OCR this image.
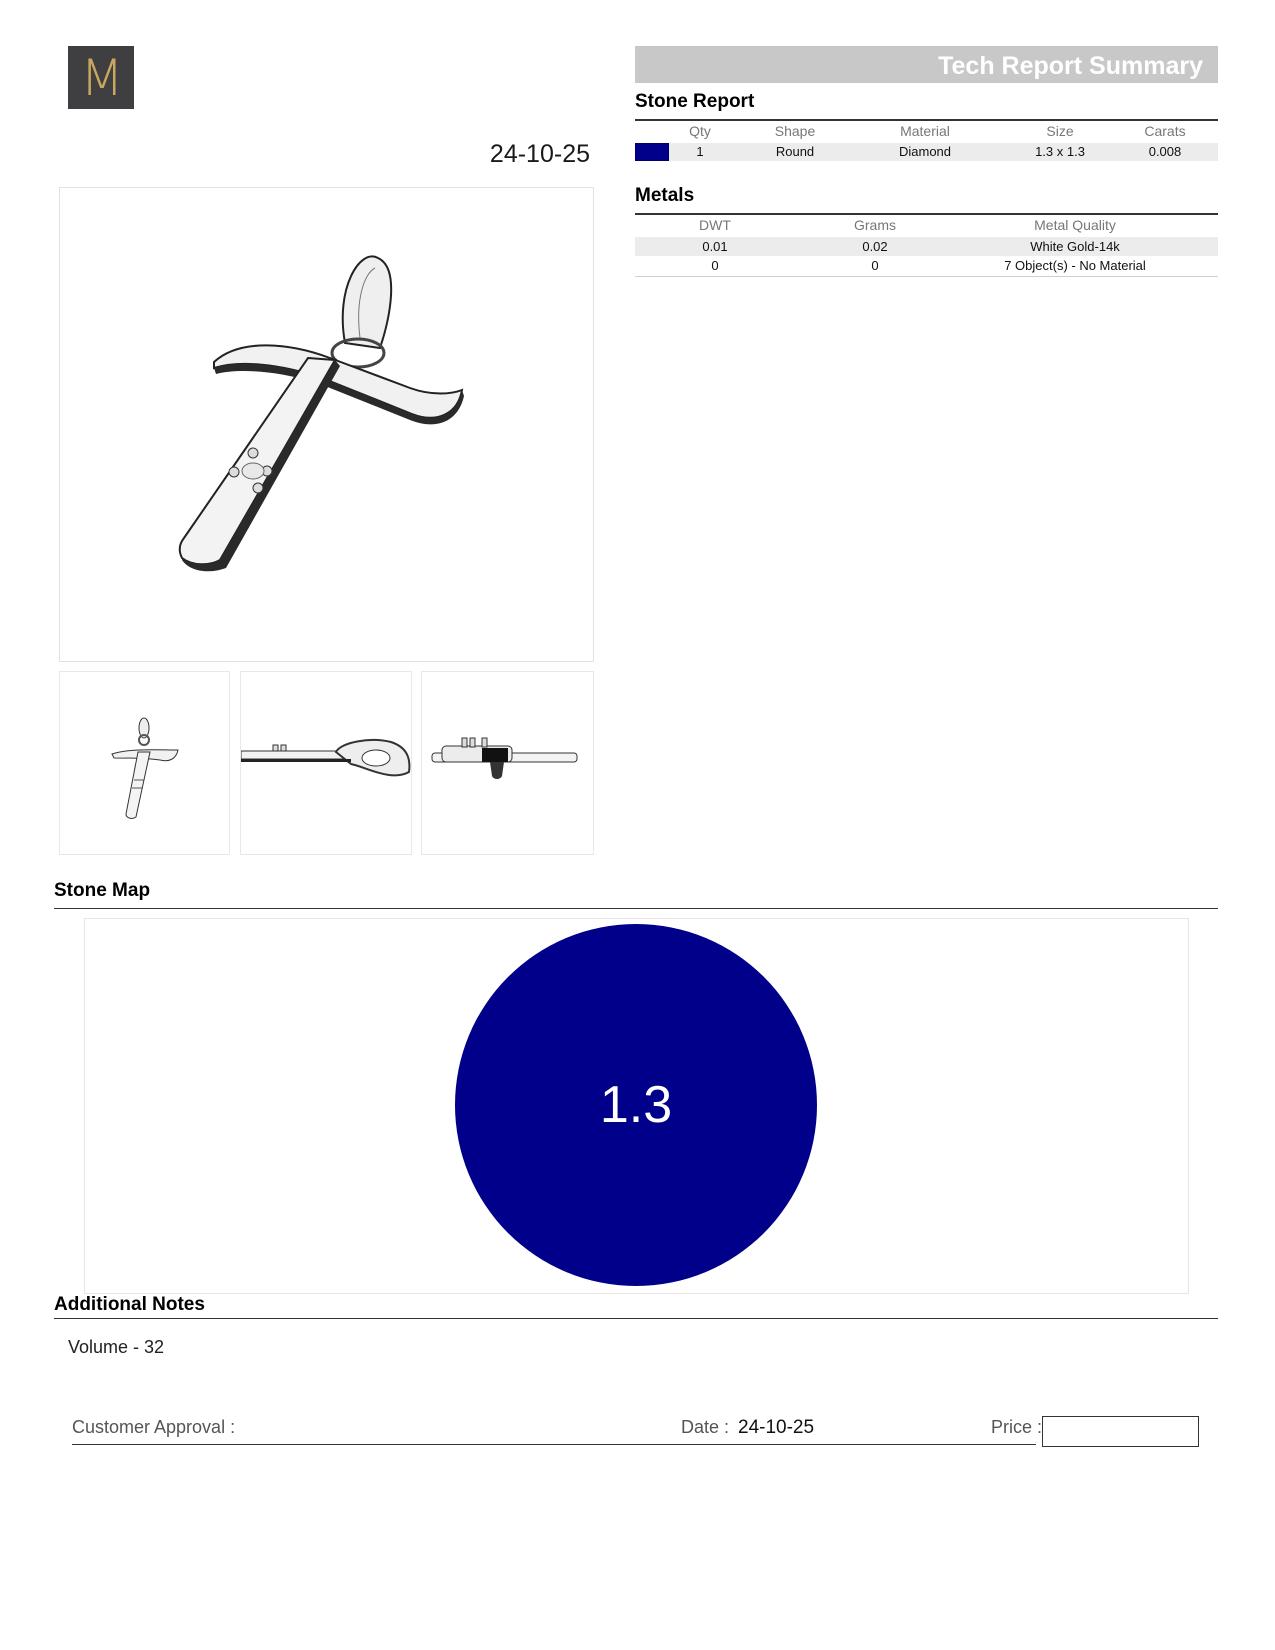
M
24-10-25
Tech Report Summary
Stone Report
Qty	Shape	Material	Size	Carats
1	Round	Diamond	1.3 x 1.3	0.008
Metals
DWT	Grams	Metal Quality
0.01	0.02	White Gold-14k
0	0	7 Object(s) - No Material
Stone Map
1.3
Additional Notes
Volume - 32
Customer Approval :	Date : 24-10-25	Price :
